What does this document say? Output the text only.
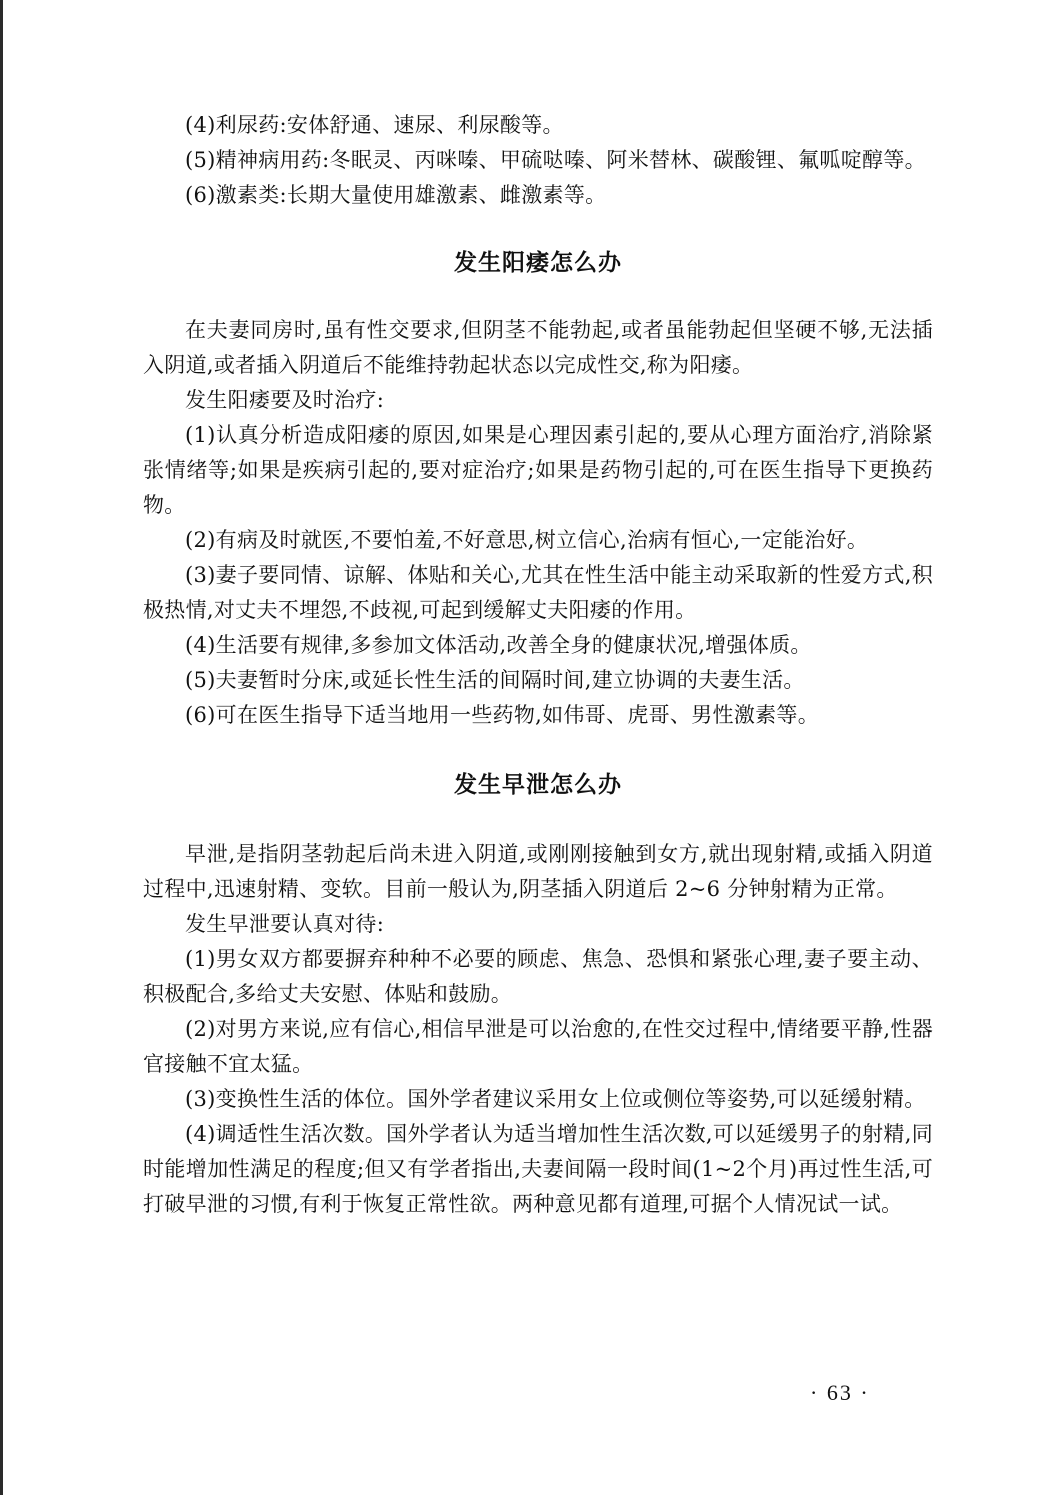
(4)利尿药:安体舒通、速尿、利尿酸等。

(5)精神病用药:冬眠灵、丙咪嗪、甲硫哒嗪、阿米替林、碳酸锂、氟呱啶醇等。

(6)激素类:长期大量使用雄激素、雌激素等。

发生阳痿怎么办

在夫妻同房时,虽有性交要求,但阴茎不能勃起,或者虽能勃起但坚硬不够,无法插入阴道,或者插入阴道后不能维持勃起状态以完成性交,称为阳痿。

发生阳痿要及时治疗:

(1)认真分析造成阳痿的原因,如果是心理因素引起的,要从心理方面治疗,消除紧张情绪等;如果是疾病引起的,要对症治疗;如果是药物引起的,可在医生指导下更换药物。

(2)有病及时就医,不要怕羞,不好意思,树立信心,治病有恒心,一定能治好。

(3)妻子要同情、谅解、体贴和关心,尤其在性生活中能主动采取新的性爱方式,积极热情,对丈夫不埋怨,不歧视,可起到缓解丈夫阳痿的作用。

(4)生活要有规律,多参加文体活动,改善全身的健康状况,增强体质。

(5)夫妻暂时分床,或延长性生活的间隔时间,建立协调的夫妻生活。

(6)可在医生指导下适当地用一些药物,如伟哥、虎哥、男性激素等。

发生早泄怎么办

早泄,是指阴茎勃起后尚未进入阴道,或刚刚接触到女方,就出现射精,或插入阴道过程中,迅速射精、变软。目前一般认为,阴茎插入阴道后 2~6 分钟射精为正常。

发生早泄要认真对待:

(1)男女双方都要摒弃种种不必要的顾虑、焦急、恐惧和紧张心理,妻子要主动、积极配合,多给丈夫安慰、体贴和鼓励。

(2)对男方来说,应有信心,相信早泄是可以治愈的,在性交过程中,情绪要平静,性器官接触不宜太猛。

(3)变换性生活的体位。国外学者建议采用女上位或侧位等姿势,可以延缓射精。

(4)调适性生活次数。国外学者认为适当增加性生活次数,可以延缓男子的射精,同时能增加性满足的程度;但又有学者指出,夫妻间隔一段时间(1~2个月)再过性生活,可打破早泄的习惯,有利于恢复正常性欲。两种意见都有道理,可据个人情况试一试。

· 63 ·
